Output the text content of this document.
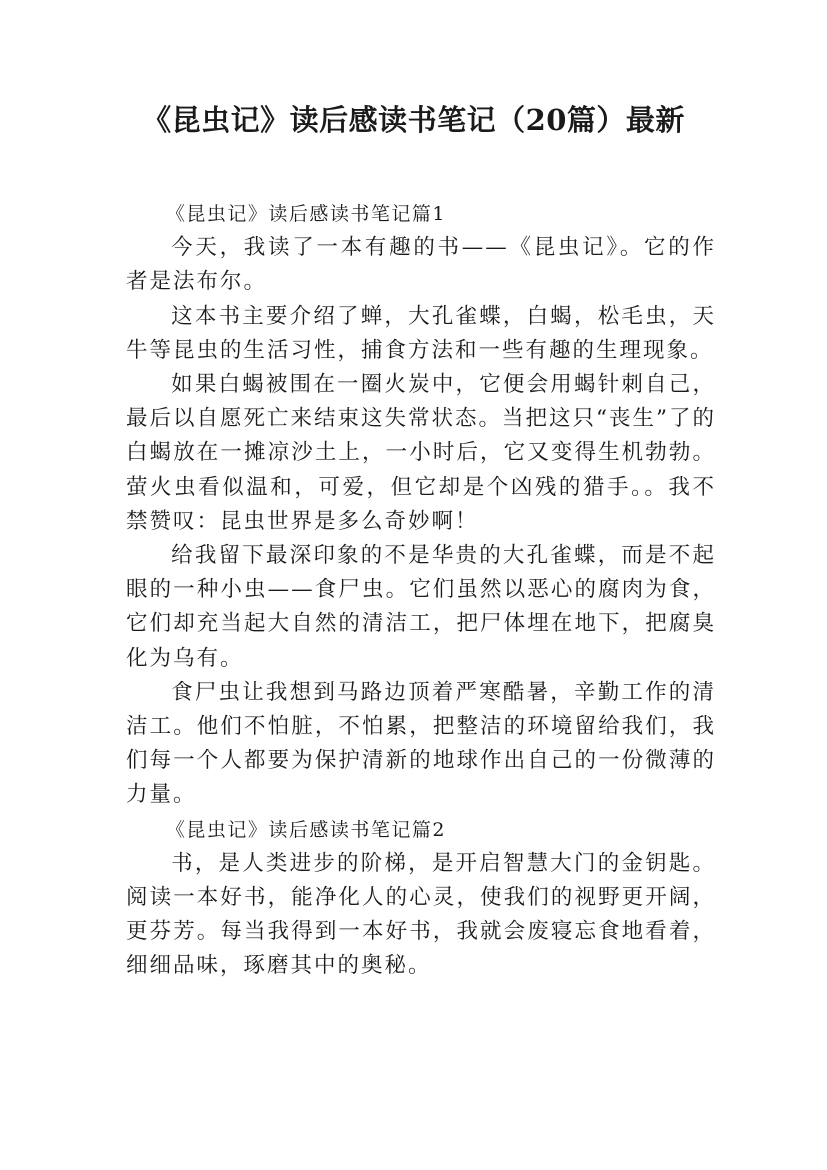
《昆虫记》读后感读书笔记（20篇）最新
《昆虫记》读后感读书笔记篇1

今天，我读了一本有趣的书——《昆虫记》。它的作者是法布尔。

这本书主要介绍了蝉，大孔雀蝶，白蝎，松毛虫，天牛等昆虫的生活习性，捕食方法和一些有趣的生理现象。

如果白蝎被围在一圈火炭中，它便会用蝎针刺自己，最后以自愿死亡来结束这失常状态。当把这只“丧生”了的白蝎放在一摊凉沙土上，一小时后，它又变得生机勃勃。萤火虫看似温和，可爱，但它却是个凶残的猎手。。我不禁赞叹：昆虫世界是多么奇妙啊！

给我留下最深印象的不是华贵的大孔雀蝶，而是不起眼的一种小虫——食尸虫。它们虽然以恶心的腐肉为食，它们却充当起大自然的清洁工，把尸体埋在地下，把腐臭化为乌有。

食尸虫让我想到马路边顶着严寒酷暑，辛勤工作的清洁工。他们不怕脏，不怕累，把整洁的环境留给我们，我们每一个人都要为保护清新的地球作出自己的一份微薄的力量。

《昆虫记》读后感读书笔记篇2

书，是人类进步的阶梯，是开启智慧大门的金钥匙。阅读一本好书，能净化人的心灵，使我们的视野更开阔，更芬芳。每当我得到一本好书，我就会废寝忘食地看着，细细品味，琢磨其中的奥秘。
